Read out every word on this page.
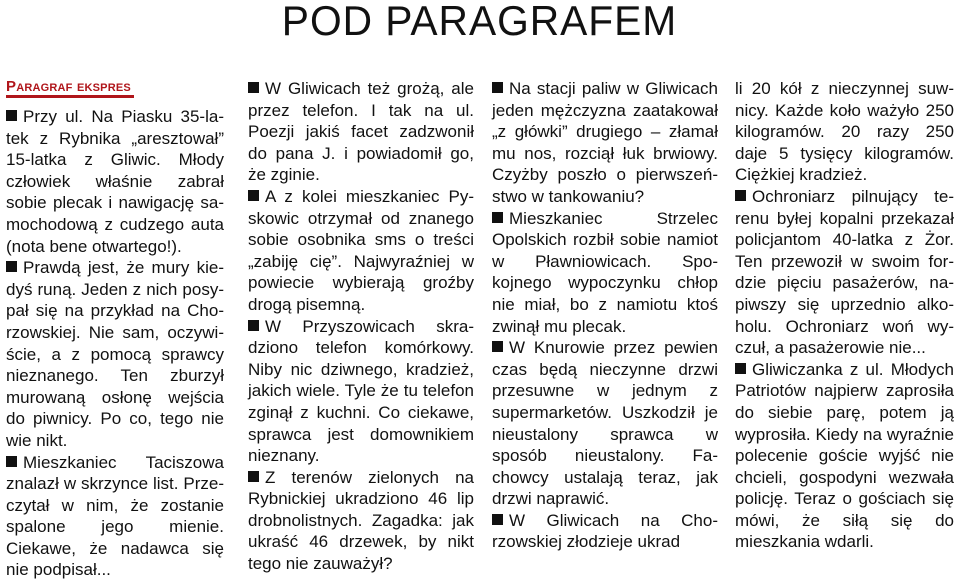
POD PARAGRAFEM
Paragraf ekspres

Przy ul. Na Piasku 35-latek z Rybnika „aresztował” 15-latka z Gliwic. Młody człowiek właśnie zabrał sobie plecak i nawigację samochodową z cudzego auta (nota bene otwartego!).

Prawdą jest, że mury kiedyś runą. Jeden z nich posypał się na przykład na Chorzowskiej. Nie sam, oczywiście, a z pomocą sprawcy nieznanego. Ten zburzył murowaną osłonę wejścia do piwnicy. Po co, tego nie wie nikt.

Mieszkaniec Taciszowa znalazł w skrzynce list. Przeczytał w nim, że zostanie spalone jego mienie. Ciekawe, że nadawca się nie podpisał...

W Gliwicach też grożą, ale przez telefon. I tak na ul. Poezji jakiś facet zadzwonił do pana J. i powiadomił go, że zginie.

A z kolei mieszkaniec Pyskowic otrzymał od znanego sobie osobnika sms o treści „zabiję cię”. Najwyraźniej w powiecie wybierają groźby drogą pisemną.

W Przyszowicach skradziono telefon komórkowy. Niby nic dziwnego, kradzież, jakich wiele. Tyle że tu telefon zginął z kuchni. Co ciekawe, sprawca jest domownikiem nieznany.

Z terenów zielonych na Rybnickiej ukradziono 46 lip drobnolistnych. Zagadka: jak ukraść 46 drzewek, by nikt tego nie zauważył?

Na stacji paliw w Gliwicach jeden mężczyzna zaatakował „z główki” drugiego – złamał mu nos, rozciął łuk brwiowy. Czyżby poszło o pierwszeństwo w tankowaniu?

Mieszkaniec Strzelec Opolskich rozbił sobie namiot w Pławniowicach. Spokojnego wypoczynku chłop nie miał, bo z namiotu ktoś zwinął mu plecak.

W Knurowie przez pewien czas będą nieczynne drzwi przesuwne w jednym z supermarketów. Uszkodził je nieustalony sprawca w sposób nieustalony. Fachowcy ustalają teraz, jak drzwi naprawić.

W Gliwicach na Chorzowskiej złodzieje ukrad

li 20 kół z nieczynnej suwnicy. Każde koło ważyło 250 kilogramów. 20 razy 250 daje 5 tysięcy kilogramów. Ciężkiej kradzież.

Ochroniarz pilnujący terenu byłej kopalni przekazał policjantom 40-latka z Żor. Ten przewoził w swoim fordzie pięciu pasażerów, napiwszy się uprzednio alkoholu. Ochroniarz woń wyczuł, a pasażerowie nie...

Gliwiczanka z ul. Młodych Patriotów najpierw zaprosiła do siebie parę, potem ją wyprosiła. Kiedy na wyraźnie polecenie goście wyjść nie chcieli, gospodyni wezwała policję. Teraz o gościach się mówi, że siłą się do mieszkania wdarli.
